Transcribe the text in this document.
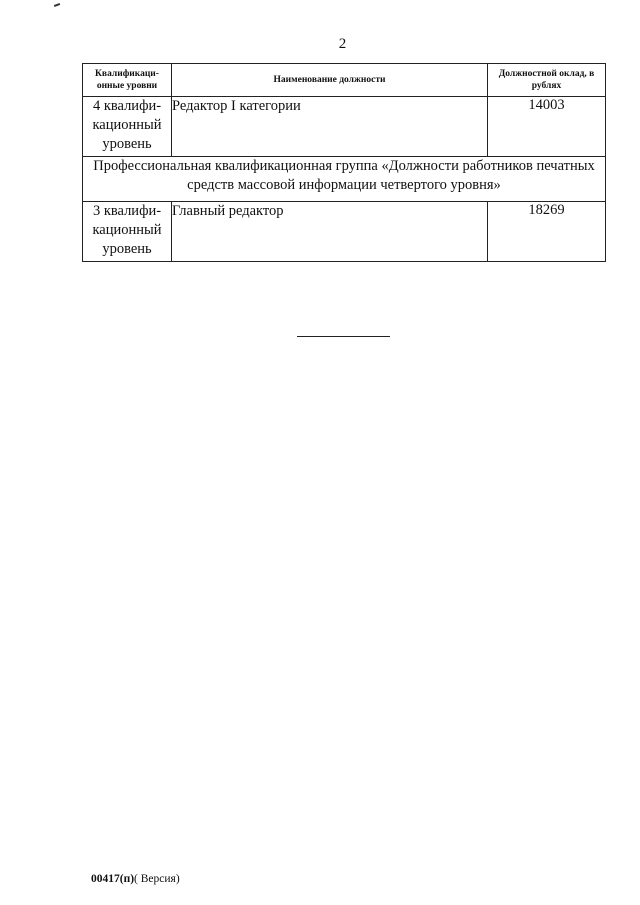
2
Квалификаци-онные уровни	Наименование должности	Должностной оклад, в рублях
4 квалифи-кационный уровень	Редактор I категории	14003
Профессиональная квалификационная группа «Должности работников печатных средств массовой информации четвертого уровня»		
3 квалифи-кационный уровень	Главный редактор	18269
00417(п)( Версия)
